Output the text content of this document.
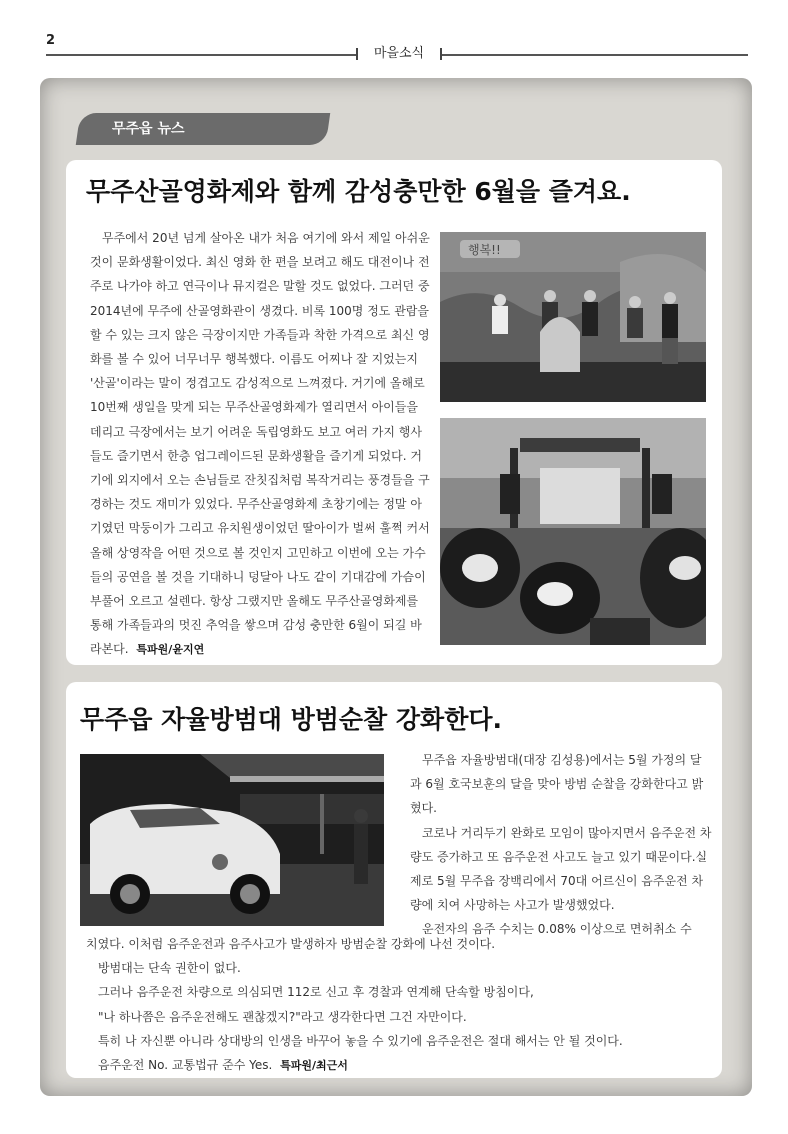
2
마을소식
무주읍 뉴스
무주산골영화제와 함께 감성충만한 6월을 즐겨요.

무주에서 20년 넘게 살아온 내가 처음 여기에 와서 제일 아쉬운 것이 문화생활이었다. 최신 영화 한 편을 보려고 해도 대전이나 전주로 나가야 하고 연극이나 뮤지컬은 말할 것도 없었다. 그러던 중 2014년에 무주에 산골영화관이 생겼다. 비록 100명 정도 관람을 할 수 있는 크지 않은 극장이지만 가족들과 착한 가격으로 최신 영화를 볼 수 있어 너무너무 행복했다. 이름도 어찌나 잘 지었는지 '산골'이라는 말이 정겹고도 감성적으로 느껴졌다. 거기에 올해로 10번째 생일을 맞게 되는 무주산골영화제가 열리면서 아이들을 데리고 극장에서는 보기 어려운 독립영화도 보고 여러 가지 행사들도 즐기면서 한층 업그레이드된 문화생활을 즐기게 되었다. 거기에 외지에서 오는 손님들로 잔칫집처럼 복작거리는 풍경들을 구경하는 것도 재미가 있었다. 무주산골영화제 초창기에는 정말 아기였던 막둥이가 그리고 유치원생이었던 딸아이가 벌써 훌쩍 커서 올해 상영작을 어떤 것으로 볼 것인지 고민하고 이번에 오는 가수들의 공연을 볼 것을 기대하니 덩달아 나도 같이 기대감에 가슴이 부풀어 오르고 설렌다. 항상 그랬지만 올해도 무주산골영화제를 통해 가족들과의 멋진 추억을 쌓으며 감성 충만한 6월이 되길 바라본다. 특파원/윤지연

행복!!
무주읍 자율방범대 방범순찰 강화한다.

무주읍 자율방범대(대장 김성용)에서는 5월 가정의 달과 6월 호국보훈의 달을 맞아 방범 순찰을 강화한다고 밝혔다.

코로나 거리두기 완화로 모임이 많아지면서 음주운전 차량도 증가하고 또 음주운전 사고도 늘고 있기 때문이다.실제로 5월 무주읍 장백리에서 70대 어르신이 음주운전 차량에 치여 사망하는 사고가 발생했었다.

운전자의 음주 수치는 0.08% 이상으로 면허취소 수

치였다. 이처럼 음주운전과 음주사고가 발생하자 방범순찰 강화에 나선 것이다.

방범대는 단속 권한이 없다.

그러나 음주운전 차량으로 의심되면 112로 신고 후 경찰과 연계해 단속할 방침이다,

"나 하나쯤은 음주운전해도 괜찮겠지?"라고 생각한다면 그건 자만이다.

특히 나 자신뿐 아니라 상대방의 인생을 바꾸어 놓을 수 있기에 음주운전은 절대 해서는 안 될 것이다.

음주운전 No. 교통법규 준수 Yes. 특파원/최근서
